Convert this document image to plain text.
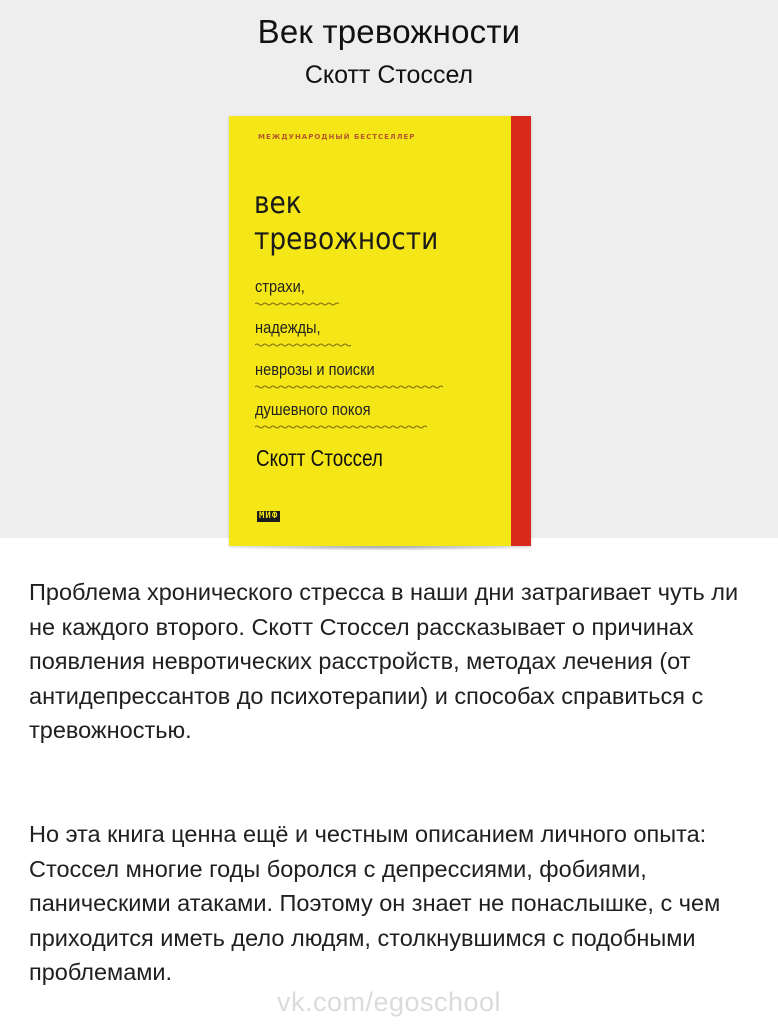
Век тревожности
Скотт Стоссел
МЕЖДУНАРОДНЫЙ БЕСТСЕЛЛЕР
век
тревожности
страхи,
надежды,
неврозы и поиски
душевного покоя
Скотт Стоссел
МИФ

Проблема хронического стресса в наши дни затрагивает чуть ли не каждого второго. Скотт Стоссел рассказывает о причинах появления невротических расстройств, методах лечения (от антидепрессантов до психотерапии) и способах справиться с тревожностью.

Но эта книга ценна ещё и честным описанием личного опыта: Стоссел многие годы боролся с депрессиями, фобиями, паническими атаками. Поэтому он знает не понаслышке, с чем приходится иметь дело людям, столкнувшимся с подобными проблемами.

vk.com/egoschool
